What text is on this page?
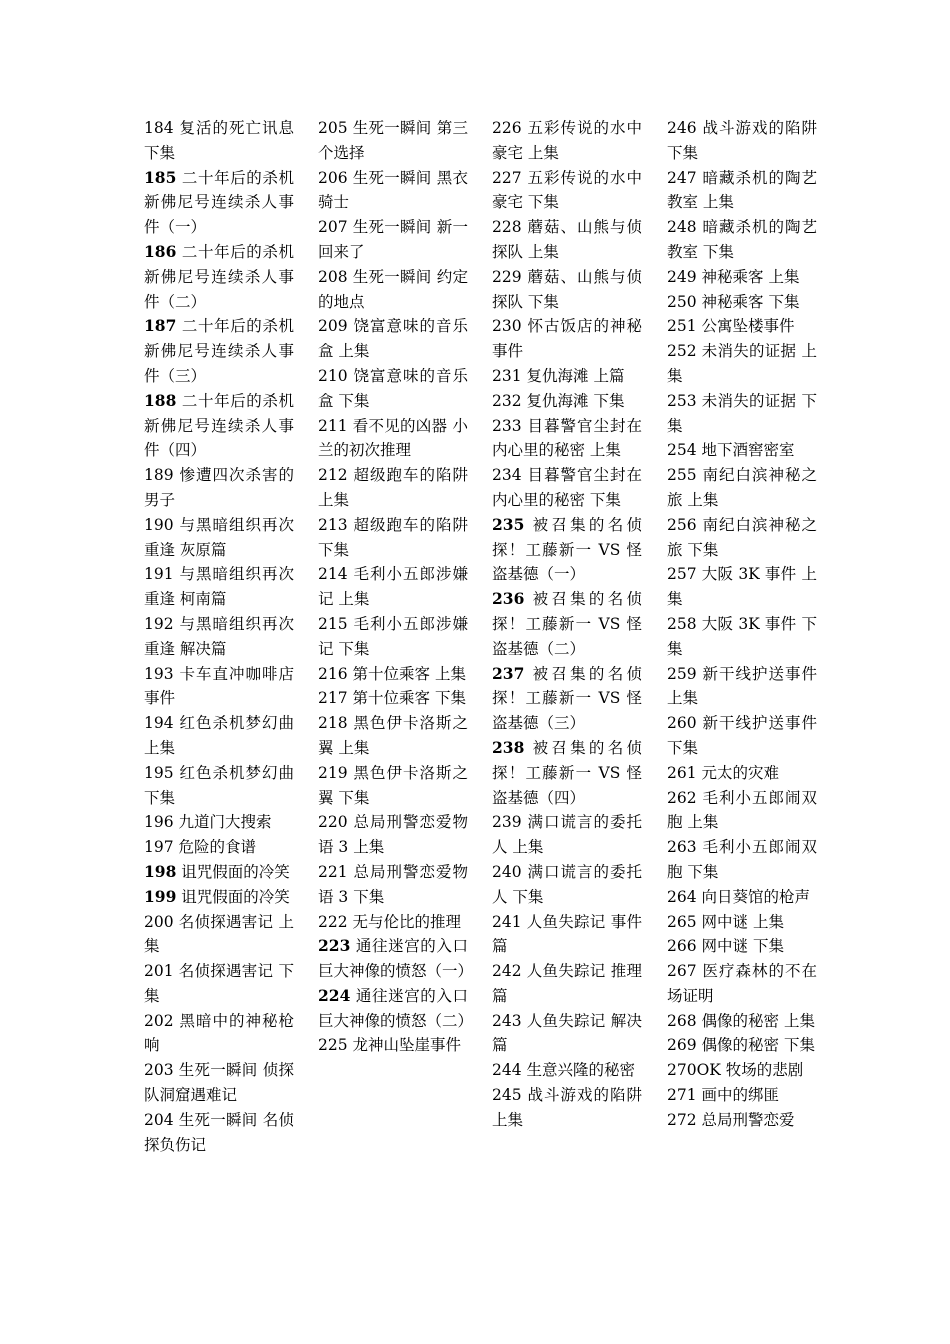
184 复活的死亡讯息 下集
185 二十年后的杀机 新佛尼号连续杀人事件（一）
186 二十年后的杀机 新佛尼号连续杀人事件（二）
187 二十年后的杀机 新佛尼号连续杀人事件（三）
188 二十年后的杀机 新佛尼号连续杀人事件（四）
189 惨遭四次杀害的男子
190 与黑暗组织再次重逢 灰原篇
191 与黑暗组织再次重逢 柯南篇
192 与黑暗组织再次重逢 解决篇
193 卡车直冲咖啡店事件
194 红色杀机梦幻曲 上集
195 红色杀机梦幻曲 下集
196 九道门大搜索
197 危险的食谱
198 诅咒假面的冷笑
199 诅咒假面的冷笑
200 名侦探遇害记 上集
201 名侦探遇害记 下集
202 黑暗中的神秘枪响
203 生死一瞬间 侦探队洞窟遇难记
204 生死一瞬间 名侦探负伤记
205 生死一瞬间 第三个选择
206 生死一瞬间 黑衣骑士
207 生死一瞬间 新一回来了
208 生死一瞬间 约定的地点
209 饶富意味的音乐盒 上集
210 饶富意味的音乐盒 下集
211 看不见的凶器 小兰的初次推理
212 超级跑车的陷阱 上集
213 超级跑车的陷阱 下集
214 毛利小五郎涉嫌记 上集
215 毛利小五郎涉嫌记 下集
216 第十位乘客 上集
217 第十位乘客 下集
218 黑色伊卡洛斯之翼 上集
219 黑色伊卡洛斯之翼 下集
220 总局刑警恋爱物语 3 上集
221 总局刑警恋爱物语 3 下集
222 无与伦比的推理
223 通往迷宫的入口 巨大神像的愤怒（一）
224 通往迷宫的入口 巨大神像的愤怒（二）
225 龙神山坠崖事件
226 五彩传说的水中豪宅 上集
227 五彩传说的水中豪宅 下集
228 蘑菇、山熊与侦探队 上集
229 蘑菇、山熊与侦探队 下集
230 怀古饭店的神秘事件
231 复仇海滩 上篇
232 复仇海滩 下集
233 目暮警官尘封在内心里的秘密 上集
234 目暮警官尘封在内心里的秘密 下集
235 被召集的名侦探！工藤新一 VS 怪盗基德（一）
236 被召集的名侦探！工藤新一 VS 怪盗基德（二）
237 被召集的名侦探！工藤新一 VS 怪盗基德（三）
238 被召集的名侦探！工藤新一 VS 怪盗基德（四）
239 满口谎言的委托人 上集
240 满口谎言的委托人 下集
241 人鱼失踪记 事件篇
242 人鱼失踪记 推理篇
243 人鱼失踪记 解决篇
244 生意兴隆的秘密
245 战斗游戏的陷阱 上集
246 战斗游戏的陷阱 下集
247 暗藏杀机的陶艺教室 上集
248 暗藏杀机的陶艺教室 下集
249 神秘乘客 上集
250 神秘乘客 下集
251 公寓坠楼事件
252 未消失的证据 上集
253 未消失的证据 下集
254 地下酒窖密室
255 南纪白滨神秘之旅 上集
256 南纪白滨神秘之旅 下集
257 大阪 3K 事件 上集
258 大阪 3K 事件 下集
259 新干线护送事件 上集
260 新干线护送事件 下集
261 元太的灾难
262 毛利小五郎闹双胞 上集
263 毛利小五郎闹双胞 下集
264 向日葵馆的枪声
265 网中谜 上集
266 网中谜 下集
267 医疗森林的不在场证明
268 偶像的秘密 上集
269 偶像的秘密 下集
270OK 牧场的悲剧
271 画中的绑匪
272 总局刑警恋爱
